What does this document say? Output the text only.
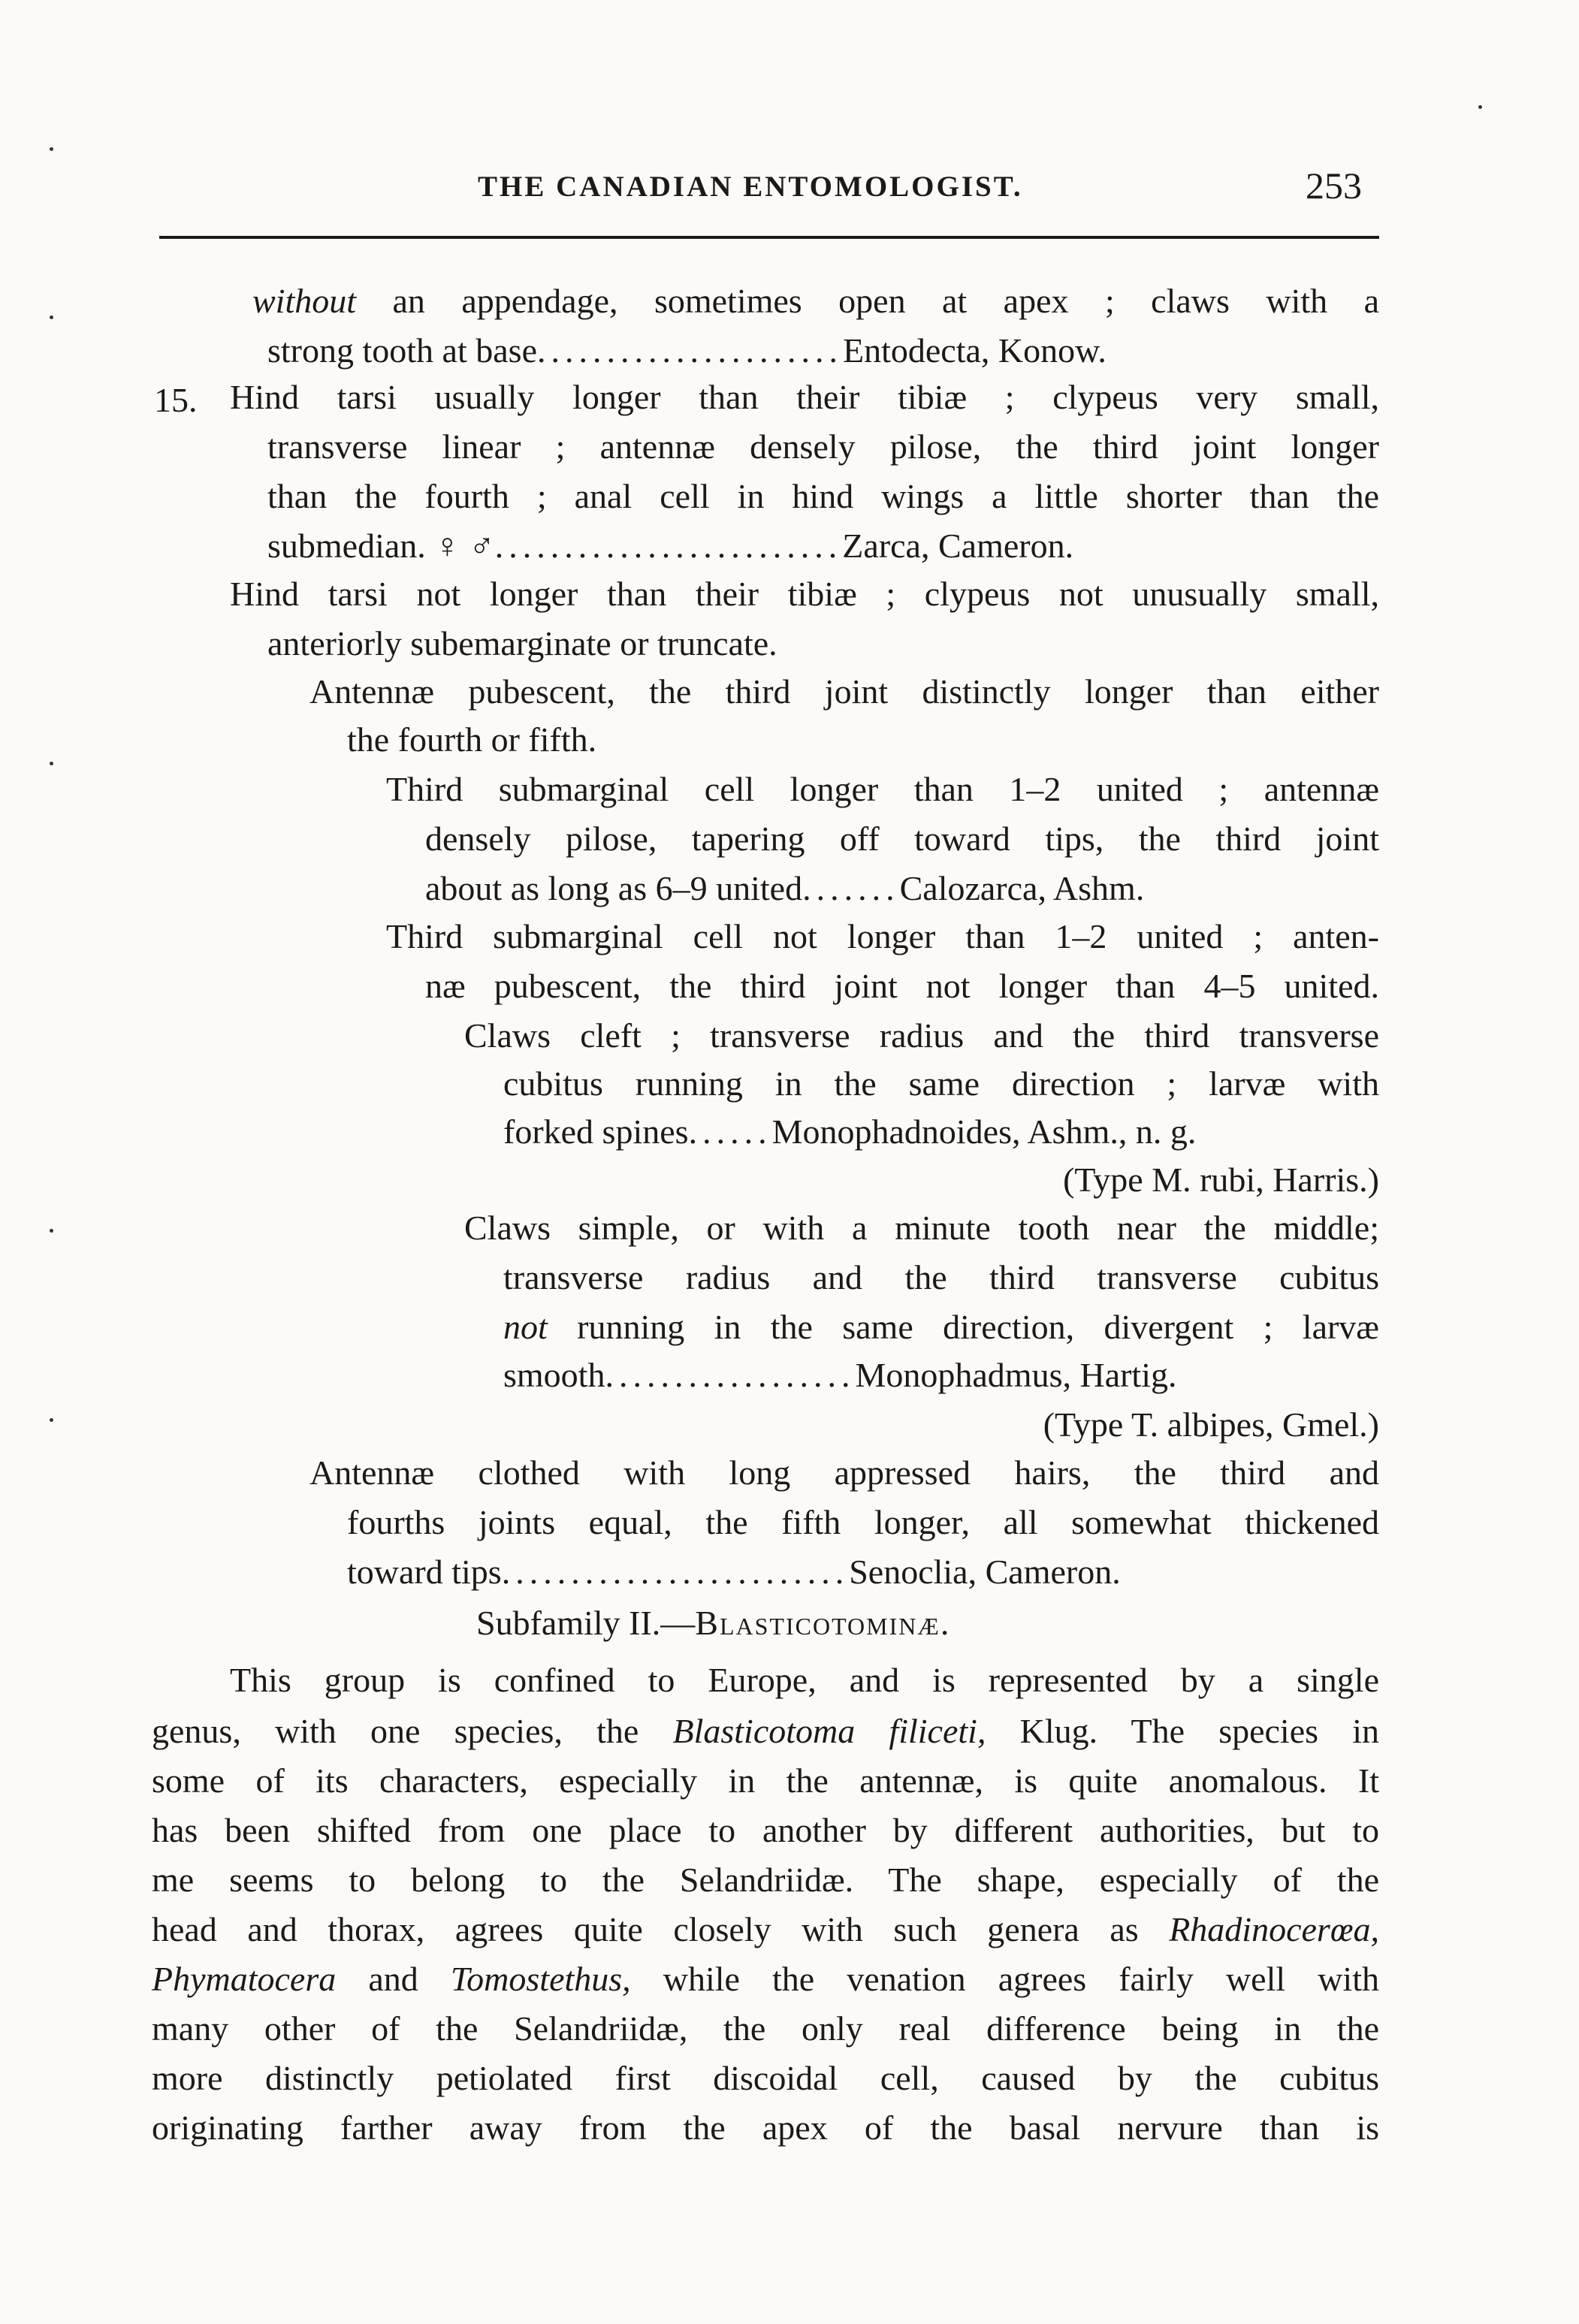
THE CANADIAN ENTOMOLOGIST.	253
without an appendage, sometimes open at apex ; claws with a
strong tooth at base......................Entodecta, Konow.
15. Hind tarsi usually longer than their tibiæ ; clypeus very small,
transverse linear ; antennæ densely pilose, the third joint longer
than the fourth ; anal cell in hind wings a little shorter than the
submedian. ♀ ♂.........................Zarca, Cameron.
Hind tarsi not longer than their tibiæ ; clypeus not unusually small,
anteriorly subemarginate or truncate.
Antennæ pubescent, the third joint distinctly longer than either
the fourth or fifth.
Third submarginal cell longer than 1–2 united ; antennæ
densely pilose, tapering off toward tips, the third joint
about as long as 6–9 united.......Calozarca, Ashm.
Third submarginal cell not longer than 1–2 united ; anten-
næ pubescent, the third joint not longer than 4–5 united.
Claws cleft ; transverse radius and the third transverse
cubitus running in the same direction ; larvæ with
forked spines......Monophadnoides, Ashm., n. g.
(Type M. rubi, Harris.)
Claws simple, or with a minute tooth near the middle;
transverse radius and the third transverse cubitus
not running in the same direction, divergent ; larvæ
smooth..................Monophadmus, Hartig.
(Type T. albipes, Gmel.)
Antennæ clothed with long appressed hairs, the third and
fourths joints equal, the fifth longer, all somewhat thickened
toward tips.........................Senoclia, Cameron.
Subfamily II.—Blasticotominæ.
This group is confined to Europe, and is represented by a single
genus, with one species, the Blasticotoma filiceti, Klug. The species in
some of its characters, especially in the antennæ, is quite anomalous. It
has been shifted from one place to another by different authorities, but to
me seems to belong to the Selandriidæ. The shape, especially of the
head and thorax, agrees quite closely with such genera as Rhadinocerœa,
Phymatocera and Tomostethus, while the venation agrees fairly well with
many other of the Selandriidæ, the only real difference being in the
more distinctly petiolated first discoidal cell, caused by the cubitus
originating farther away from the apex of the basal nervure than is
